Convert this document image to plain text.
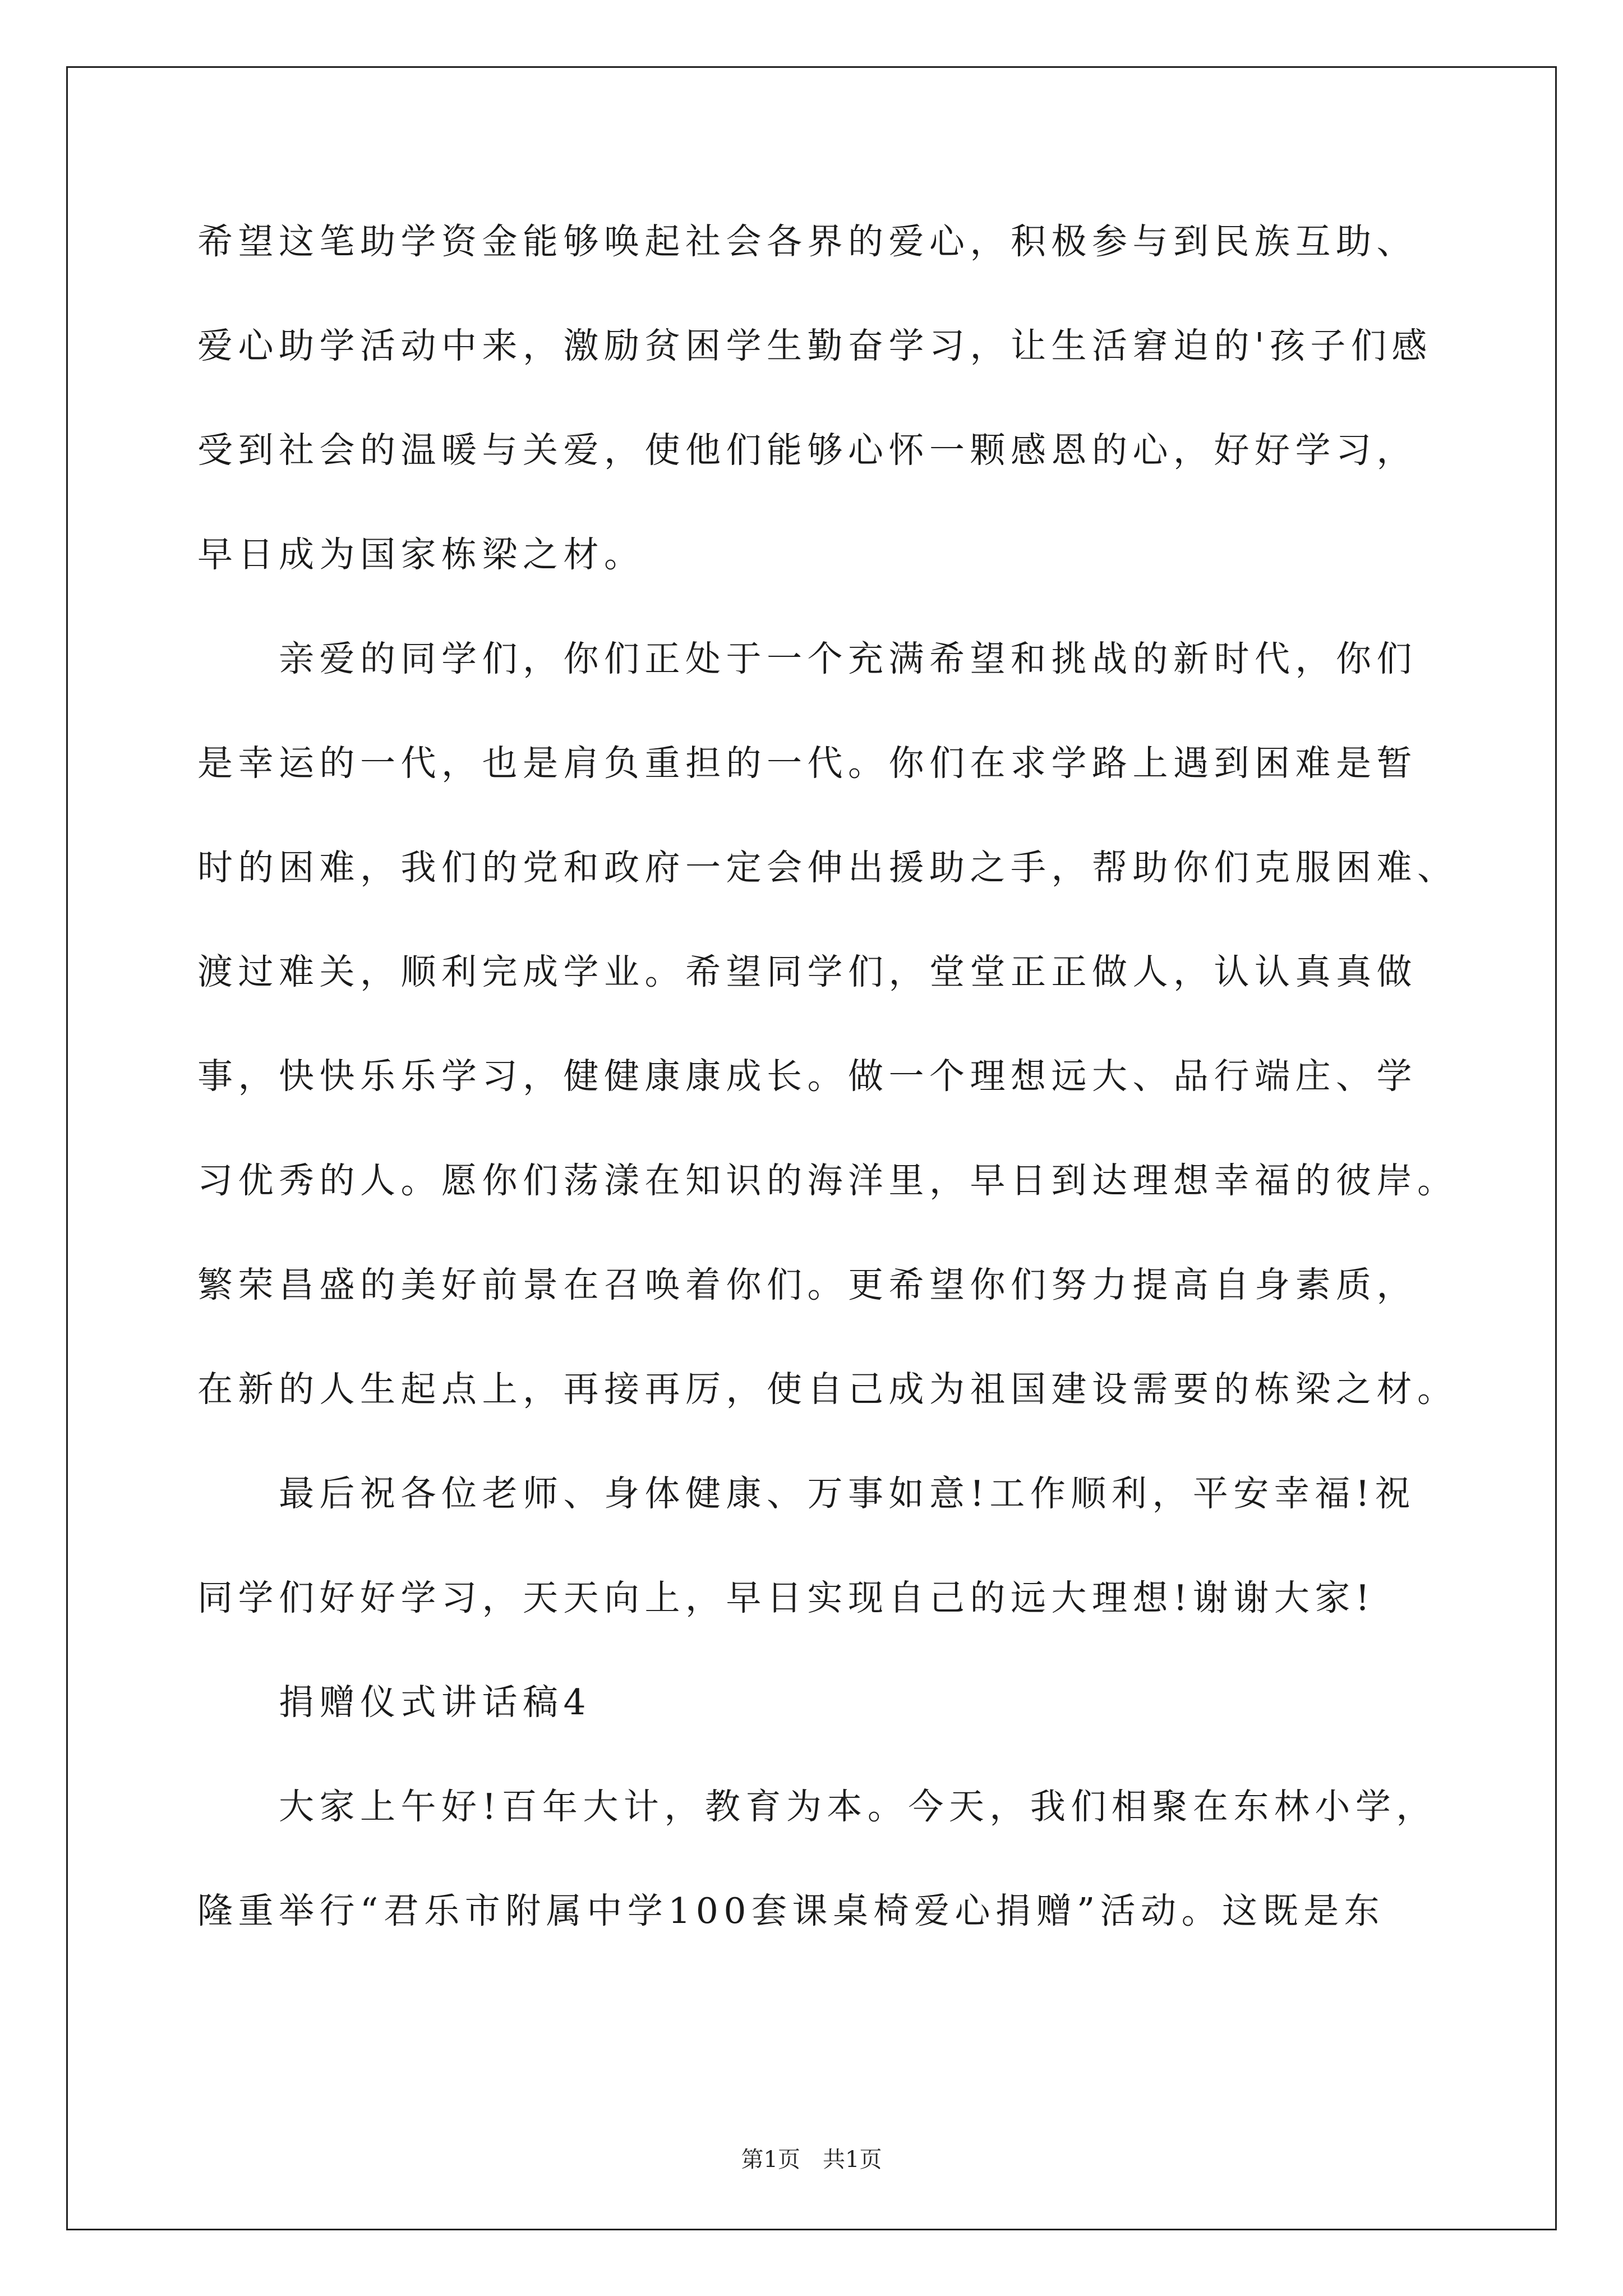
希望这笔助学资金能够唤起社会各界的爱心，积极参与到民族互助、
爱心助学活动中来，激励贫困学生勤奋学习，让生活窘迫的'孩子们感
受到社会的温暖与关爱，使他们能够心怀一颗感恩的心，好好学习，
早日成为国家栋梁之材。
　　亲爱的同学们，你们正处于一个充满希望和挑战的新时代，你们
是幸运的一代，也是肩负重担的一代。你们在求学路上遇到困难是暂
时的困难，我们的党和政府一定会伸出援助之手，帮助你们克服困难、
渡过难关，顺利完成学业。希望同学们，堂堂正正做人，认认真真做
事，快快乐乐学习，健健康康成长。做一个理想远大、品行端庄、学
习优秀的人。愿你们荡漾在知识的海洋里，早日到达理想幸福的彼岸。
繁荣昌盛的美好前景在召唤着你们。更希望你们努力提高自身素质，
在新的人生起点上，再接再厉，使自己成为祖国建设需要的栋梁之材。
　　最后祝各位老师、身体健康、万事如意!工作顺利，平安幸福!祝
同学们好好学习，天天向上，早日实现自己的远大理想!谢谢大家!
　　捐赠仪式讲话稿4
　　大家上午好!百年大计，教育为本。今天，我们相聚在东林小学，
隆重举行“君乐市附属中学100套课桌椅爱心捐赠”活动。这既是东
第1页　共1页
